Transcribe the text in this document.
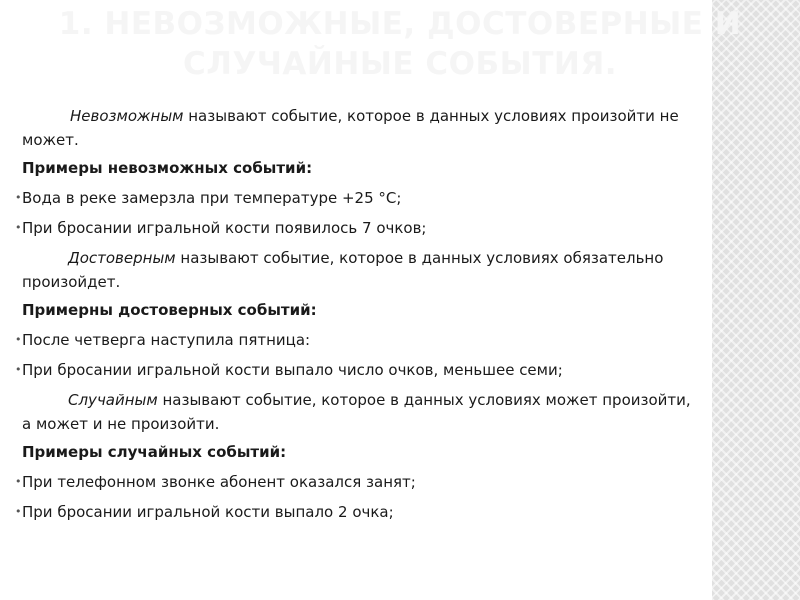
1. НЕВОЗМОЖНЫЕ, ДОСТОВЕРНЫЕ И
СЛУЧАЙНЫЕ СОБЫТИЯ.

Невозможным называют событие, которое в данных условиях произойти не может.

Примеры невозможных событий:

• Вода в реке замерзла при температуре +25 °С;

• При бросании игральной кости появилось 7 очков;

Достоверным называют событие, которое в данных условиях обязательно произойдет.

Примерны достоверных событий:

• После четверга наступила пятница:

• При бросании игральной кости выпало число очков, меньшее семи;

Случайным называют событие, которое в данных условиях может произойти, а может и не произойти.

Примеры случайных событий:

• При телефонном звонке абонент оказался занят;

• При бросании игральной кости выпало 2 очка;
